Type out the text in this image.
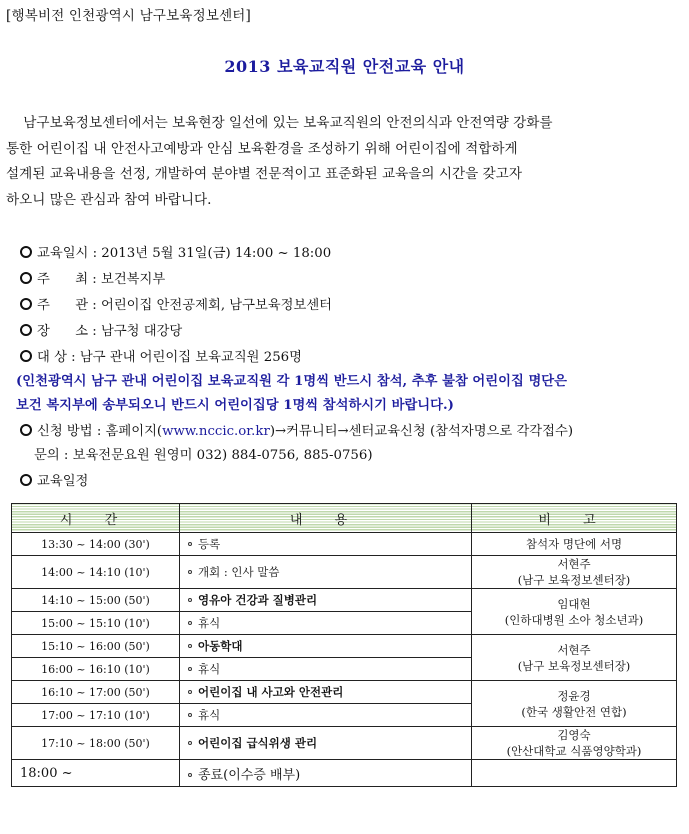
[행복비전 인천광역시 남구보육정보센터]
2013 보육교직원 안전교육 안내

남구보육정보센터에서는 보육현장 일선에 있는 보육교직원의 안전의식과 안전역량 강화를

통한 어린이집 내 안전사고예방과 안심 보육환경을 조성하기 위해 어린이집에 적합하게

설계된 교육내용을 선정, 개발하여 분야별 전문적이고 표준화된 교육을의 시간을 갖고자

하오니 많은 관심과 참여 바랍니다.

교육일시 : 2013년 5월 31일(금) 14:00 ~ 18:00
주      최 : 보건복지부
주      관 : 어린이집 안전공제회, 남구보육정보센터
장      소 : 남구청 대강당
대 상 : 남구 관내 어린이집 보육교직원 256명
(인천광역시 남구 관내 어린이집 보육교직원 각 1명씩 반드시 참석, 추후 불참 어린이집 명단은
보건 복지부에 송부되오니 반드시 어린이집당 1명씩 참석하시기 바랍니다.)
신청 방법 : 홈페이지(www.nccic.or.kr)→커뮤니티→센터교육신청 (참석자명으로 각각접수)
문의 : 보육전문요원 원영미 032) 884-0756, 885-0756)
교육일정
시 간	내 용	비 고
13:30 ~ 14:00 (30')	등록	참석자 명단에 서명

14:00 ~ 14:10 (10')	개회 : 인사 말씀	서현주
(남구 보육정보센터장)

14:10 ~ 15:00 (50')	영유아 건강과 질병관리	임대현
(인하대병원 소아 청소년과)

15:00 ~ 15:10 (10')	휴식	
15:10 ~ 16:00 (50')	아동학대	서현주
(남구 보육정보센터장)

16:00 ~ 16:10 (10')	휴식	
16:10 ~ 17:00 (50')	어린이집 내 사고와 안전관리	정윤경
(한국 생활안전 연합)

17:00 ~ 17:10 (10')	휴식	
17:10 ~ 18:00 (50')	어린이집 급식위생 관리	김영숙
(안산대학교 식품영양학과)

18:00 ~	종료(이수증 배부)	
